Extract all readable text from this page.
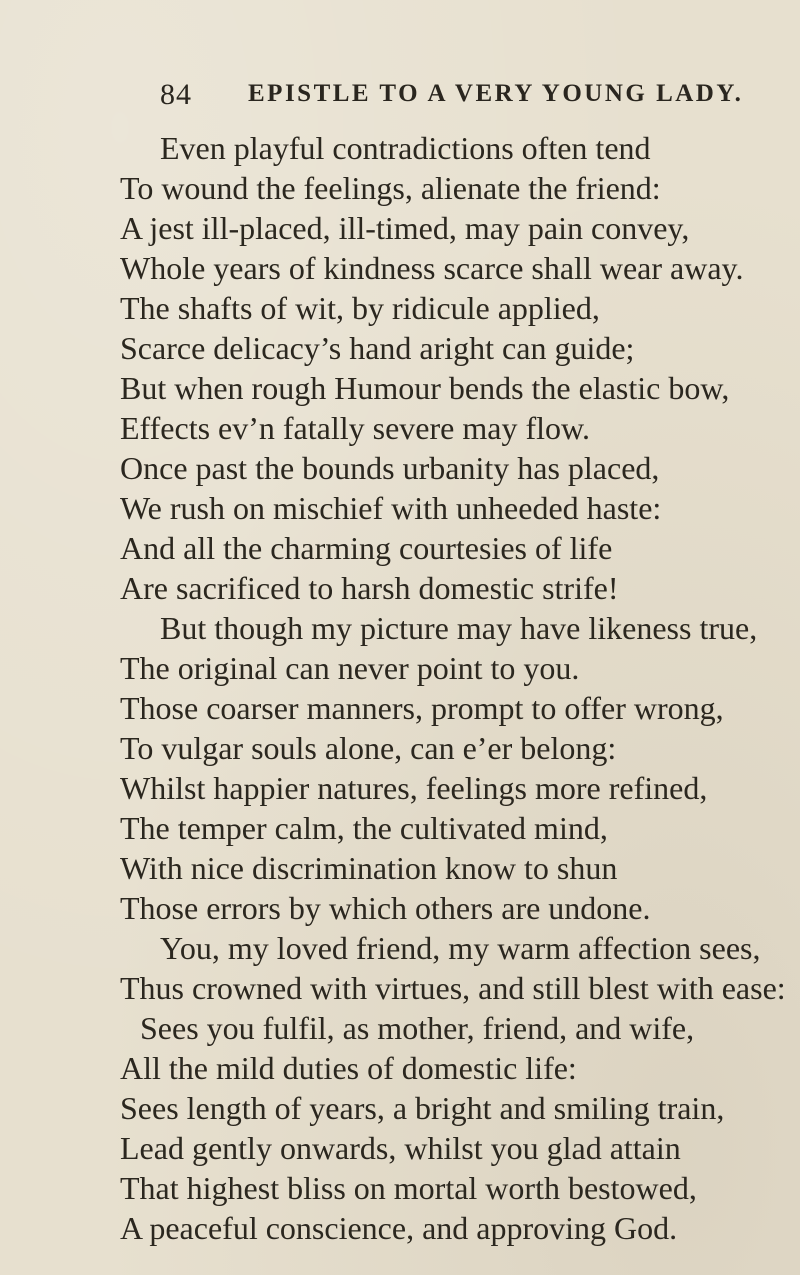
84 EPISTLE TO A VERY YOUNG LADY.
Even playful contradictions often tend
To wound the feelings, alienate the friend:
A jest ill-placed, ill-timed, may pain convey,
Whole years of kindness scarce shall wear away.
The shafts of wit, by ridicule applied,
Scarce delicacy’s hand aright can guide;
But when rough Humour bends the elastic bow,
Effects ev’n fatally severe may flow.
Once past the bounds urbanity has placed,
We rush on mischief with unheeded haste:
And all the charming courtesies of life
Are sacrificed to harsh domestic strife!
But though my picture may have likeness true,
The original can never point to you.
Those coarser manners, prompt to offer wrong,
To vulgar souls alone, can e’er belong:
Whilst happier natures, feelings more refined,
The temper calm, the cultivated mind,
With nice discrimination know to shun
Those errors by which others are undone.
You, my loved friend, my warm affection sees,
Thus crowned with virtues, and still blest with ease:
Sees you fulfil, as mother, friend, and wife,
All the mild duties of domestic life:
Sees length of years, a bright and smiling train,
Lead gently onwards, whilst you glad attain
That highest bliss on mortal worth bestowed,
A peaceful conscience, and approving God.
